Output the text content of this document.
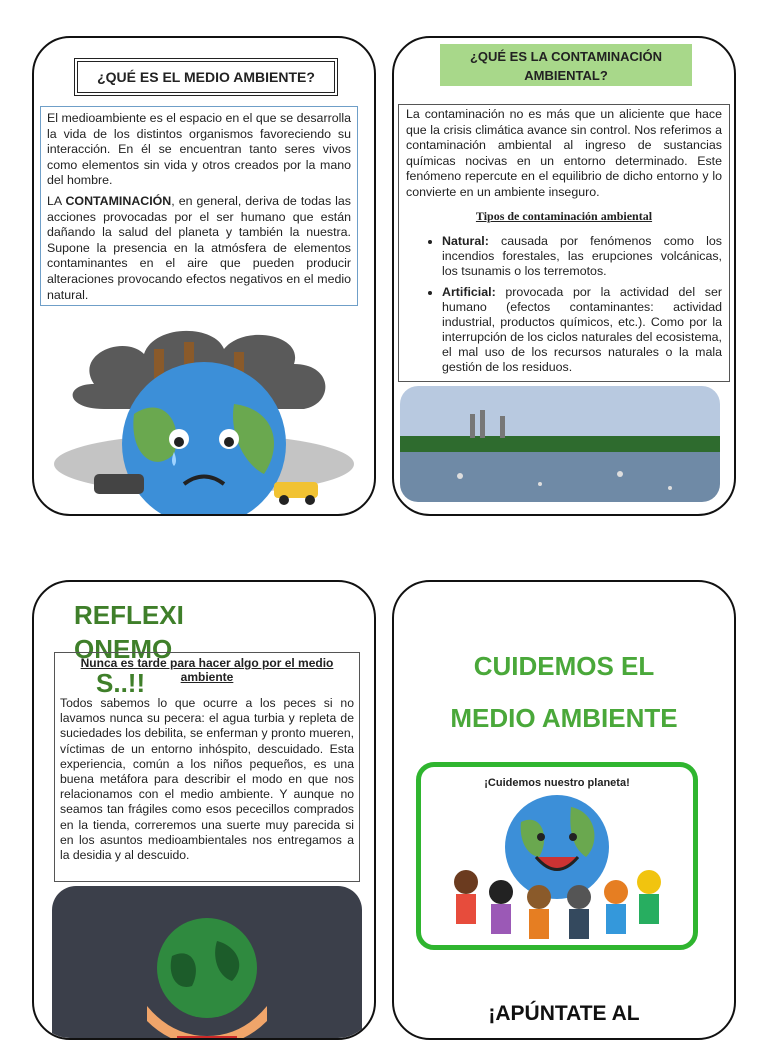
¿QUÉ ES EL MEDIO AMBIENTE?

El medioambiente es el espacio en el que se desarrolla la vida de los distintos organismos favoreciendo su interacción. En él se encuentran tanto seres vivos como elementos sin vida y otros creados por la mano del hombre.

LA CONTAMINACIÓN, en general, deriva de todas las acciones provocadas por el ser humano que están dañando la salud del planeta y también la nuestra. Supone la presencia en la atmósfera de elementos contaminantes en el aire que pueden producir alteraciones provocando efectos negativos en el medio natural.

¿QUÉ ES LA CONTAMINACIÓN AMBIENTAL?

La contaminación no es más que un aliciente que hace que la crisis climática avance sin control. Nos referimos a contaminación ambiental al ingreso de sustancias químicas nocivas en un entorno determinado. Este fenómeno repercute en el equilibrio de dicho entorno y lo convierte en un ambiente inseguro.

Tipos de contaminación ambiental

• Natural: causada por fenómenos como los incendios forestales, las erupciones volcánicas, los tsunamis o los terremotos.
• Artificial: provocada por la actividad del ser humano (efectos contaminantes: actividad industrial, productos químicos, etc.). Como por la interrupción de los ciclos naturales del ecosistema, el mal uso de los recursos naturales o la mala gestión de los residuos.
REFLEXI
ONEMO
S..!!

Nunca es tarde para hacer algo por el medio ambiente

Todos sabemos lo que ocurre a los peces si no lavamos nunca su pecera: el agua turbia y repleta de suciedades los debilita, se enferman y pronto mueren, víctimas de un entorno inhóspito, descuidado. Esta experiencia, común a los niños pequeños, es una buena metáfora para describir el modo en que nos relacionamos con el medio ambiente. Y aunque no seamos tan frágiles como esos pececillos comprados en la tienda, correremos una suerte muy parecida si en los asuntos medioambientales nos entregamos a la desidia y al descuido.

CUIDEMOS EL
MEDIO AMBIENTE
¡Cuidemos nuestro planeta!
¡APÚNTATE AL
